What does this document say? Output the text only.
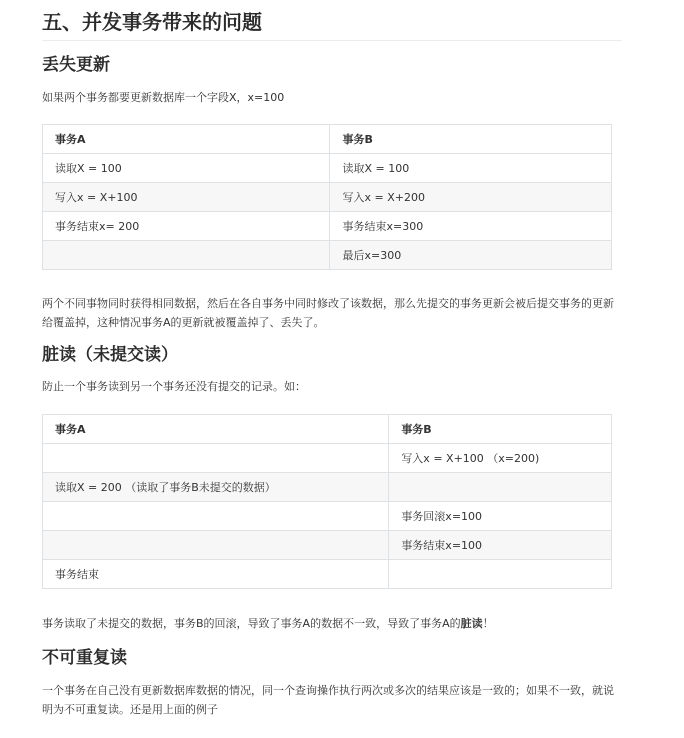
五、并发事务带来的问题
丢失更新
如果两个事务都要更新数据库一个字段X，x=100
事务A	事务B
读取X = 100	读取X = 100
写入x = X+100	写入x = X+200
事务结束x= 200	事务结束x=300
	最后x=300
两个不同事物同时获得相同数据，然后在各自事务中同时修改了该数据，那么先提交的事务更新会被后提交事务的更新给覆盖掉，这种情况事务A的更新就被覆盖掉了、丢失了。
脏读（未提交读）
防止一个事务读到另一个事务还没有提交的记录。如：
事务A	事务B
	写入x = X+100 （x=200)
读取X = 200 （读取了事务B未提交的数据）	
	事务回滚x=100
	事务结束x=100
事务结束	
事务读取了未提交的数据，事务B的回滚，导致了事务A的数据不一致，导致了事务A的脏读！
不可重复读
一个事务在自己没有更新数据库数据的情况，同一个查询操作执行两次或多次的结果应该是一致的；如果不一致，就说明为不可重复读。还是用上面的例子
